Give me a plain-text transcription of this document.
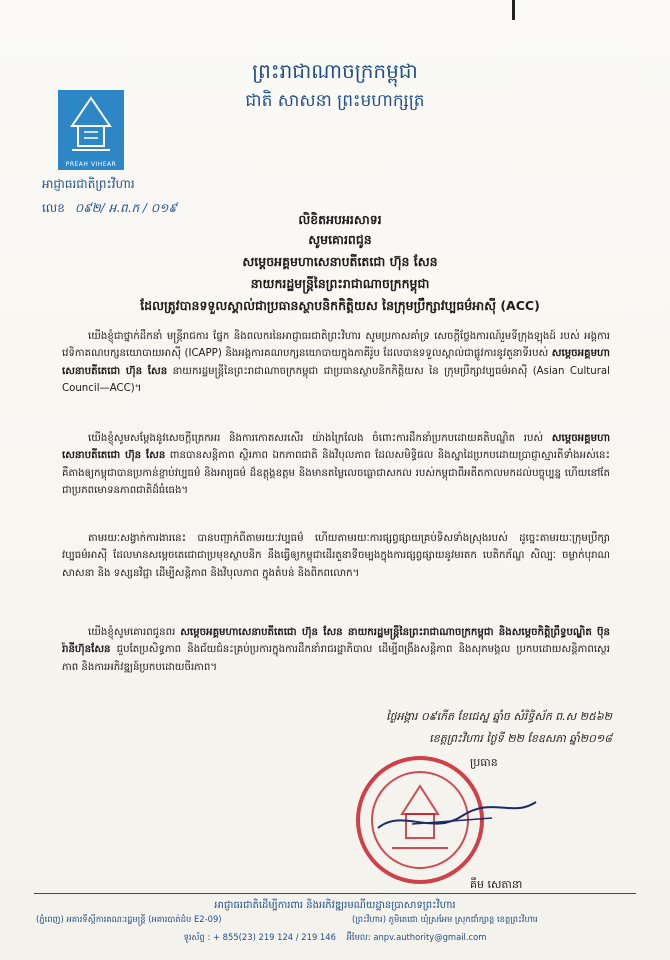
ព្រះរាជាណាចក្រកម្ពុជា
ជាតិ សាសនា ព្រះមហាក្សត្រ
PREAH VIHEAR
អាជ្ញាធរជាតិព្រះវិហារ
លេខ ០៩២/ អ.ព.ក / ០១៩
លិខិតអបអរសាទរ
សូមគោរពជូន
សម្ដេចអគ្គមហាសេនាបតីតេជោ ហ៊ុន សែន
នាយករដ្ឋមន្ត្រីនៃព្រះរាជាណាចក្រកម្ពុជា
ដែលត្រូវបានទទួលស្គាល់ជាប្រធានស្ថាបនិកកិត្តិយស នៃក្រុមប្រឹក្សាវប្បធម៌អាស៊ី (ACC)
យើងខ្ញុំជាថ្នាក់ដឹកនាំ មន្ត្រីរាជការ ផ្នែក និងពលករនៃអាជ្ញាធរជាតិព្រះវិហារ សូមប្រកាសគាំទ្រ សេចក្តីថ្លែងការណ៍រួមទីក្រុងឡុងដ៍ របស់ អង្គការវេទិកាគណបក្សនយោបាយអាស៊ី (ICAPP) និងអង្គការគណបក្សនយោបាយក្នុងភាគីរ៉ូប ដែលបានទទួលស្គាល់ជាផ្លូវការនូវតួនាទីរបស់ សម្ដេចអគ្គមហាសេនាបតីតេជោ ហ៊ុន សែន នាយករដ្ឋមន្ត្រីនៃព្រះរាជាណាចក្រកម្ពុជា ជាប្រធានស្ថាបនិកកិត្តិយស នៃ ក្រុមប្រឹក្សាវប្បធម៌អាស៊ី (Asian Cultural Council—ACC)។
យើងខ្ញុំសូមសម្ដែងនូវសេចក្តីត្រេកអរ និងការកោតសរសើរ យ៉ាងក្រៃលែង ចំពោះការដឹកនាំប្រកបដោយគតិបណ្ឌិត របស់ សម្ដេចអគ្គមហាសេនាបតីតេជោ ហ៊ុន សែន ពានបានសន្តិភាព ស្ថិរភាព ឯកភាពជាតិ និងវិបុលភាព ដែលសមិទ្ធិផល និងស្នាដៃប្រកបដោយប្រាជ្ញាស្មារតីទាំងអស់នេះ គឺតាងឲ្យកម្ពុជាបានប្រកាន់ខ្ជាប់វប្បធម៌ និងអារ្យធម៌ ដ៏ឧត្ដុង្គឧត្ដម និងមានតម្លៃលេចធ្លោជាសកល របស់កម្ពុជាពីអតីតកាលមកដល់បច្ចុប្បន្ន ហើយនៅតែជាប្រភពមោទនភាពជាតិដ៏ធំធេង។
តាមរយៈសង្វាក់ការងារនេះ បានបញ្ជាក់ពីតាមរយៈវប្បធម៌ ហើយតាមរយៈការផ្សព្វផ្សាយគ្រប់ទិសទាំងស្រុងរបស់ ដូច្នេះតាមរយៈក្រុមប្រឹក្សាវប្បធម៌អាស៊ី ដែលមានសម្ដេចតេជោជាប្រមុខស្ថាបនិក នឹងធ្វើឲ្យកម្ពុជាដើរតួនាទីចម្បងក្នុងការផ្សព្វផ្សាយនូវមរតក បេតិកភ័ណ្ឌ សិល្បៈ ចម្លាក់បុរាណ សាសនា និង ទស្សនវិជ្ជា ដើម្បីសន្តិភាព និងវិបុលភាព ក្នុងតំបន់ និងពិភពលោក។
យើងខ្ញុំសូមគោរពជូនពរ សម្ដេចអគ្គមហាសេនាបតីតេជោ ហ៊ុន សែន នាយករដ្ឋមន្ត្រីនៃព្រះរាជាណាចក្រកម្ពុជា និងសម្ដេចកិត្តិព្រឹទ្ធបណ្ឌិត ប៊ុន រ៉ានីហ៊ុនសែន ជួបតែប្រសិទ្ធភាព និងជ័យជំនះគ្រប់ប្រការក្នុងការដឹកនាំរាជរដ្ឋាភិបាល ដើម្បីពង្រឹងសន្តិភាព និងសុភមង្គល ប្រកបដោយសន្តិភាពស្ថេរភាព និងការអភិវឌ្ឍន៍ប្រកបដោយចីរភាព។
ថ្ងៃអង្គារ ០៩កើត ខែជេស្ឋ ឆ្នាំច សំរិទ្ធិស័ក ព.ស ២៥៦២
ខេត្តព្រះវិហារ ថ្ងៃទី ២២ ខែឧសភា ឆ្នាំ២០១៨
ប្រធាន
គឹម សេតានា
អាជ្ញាធរជាតិដើម្បីការពារ និងអភិវឌ្ឍរមណីយដ្ឋានប្រាសាទព្រះវិហារ
(ភ្នំពេញ) អគារទីស្តីការគណៈរដ្ឋមន្ត្រី (អគារបាត់ដំប E2-09)	(ព្រះវិហារ) ភូមិតេជោ ឃុំស្រអែម ស្រុកជាំក្សាន្ត ខេត្តព្រះវិហារ
ទូរស័ព្ទ : + 855(23) 219 124 / 219 146 អ៊ីមែល: anpv.authority@gmail.com
